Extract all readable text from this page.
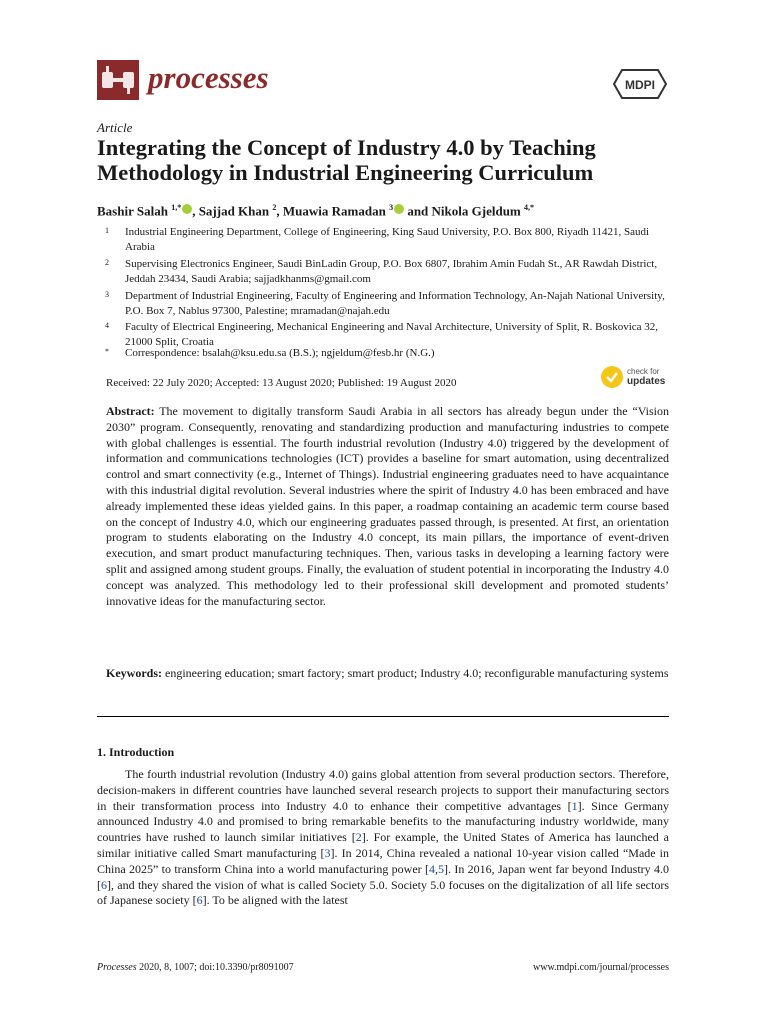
processes	MDPI
Article
Integrating the Concept of Industry 4.0 by Teaching Methodology in Industrial Engineering Curriculum
Bashir Salah $^{1,*}$ , Sajjad Khan $^2$, Muawia Ramadan $^3$ and Nikola Gjeldum $^{4,*}$
1 Industrial Engineering Department, College of Engineering, King Saud University, P.O. Box 800, Riyadh 11421, Saudi Arabia
2 Supervising Electronics Engineer, Saudi BinLadin Group, P.O. Box 6807, Ibrahim Amin Fudah St., AR Rawdah District, Jeddah 23434, Saudi Arabia; sajjadkhanms@gmail.com
3 Department of Industrial Engineering, Faculty of Engineering and Information Technology, An-Najah National University, P.O. Box 7, Nablus 97300, Palestine; mramadan@najah.edu
4 Faculty of Electrical Engineering, Mechanical Engineering and Naval Architecture, University of Split, R. Boskovica 32, 21000 Split, Croatia
* Correspondence: bsalah@ksu.edu.sa (B.S.); ngjeldum@fesb.hr (N.G.)
Received: 22 July 2020; Accepted: 13 August 2020; Published: 19 August 2020
check for
updates
Abstract: The movement to digitally transform Saudi Arabia in all sectors has already begun under the “Vision 2030” program. Consequently, renovating and standardizing production and manufacturing industries to compete with global challenges is essential. The fourth industrial revolution (Industry 4.0) triggered by the development of information and communications technologies (ICT) provides a baseline for smart automation, using decentralized control and smart connectivity (e.g., Internet of Things). Industrial engineering graduates need to have acquaintance with this industrial digital revolution. Several industries where the spirit of Industry 4.0 has been embraced and have already implemented these ideas yielded gains. In this paper, a roadmap containing an academic term course based on the concept of Industry 4.0, which our engineering graduates passed through, is presented. At first, an orientation program to students elaborating on the Industry 4.0 concept, its main pillars, the importance of event-driven execution, and smart product manufacturing techniques. Then, various tasks in developing a learning factory were split and assigned among student groups. Finally, the evaluation of student potential in incorporating the Industry 4.0 concept was analyzed. This methodology led to their professional skill development and promoted students’ innovative ideas for the manufacturing sector.
Keywords: engineering education; smart factory; smart product; Industry 4.0; reconfigurable manufacturing systems
1. Introduction
The fourth industrial revolution (Industry 4.0) gains global attention from several production sectors. Therefore, decision-makers in different countries have launched several research projects to support their manufacturing sectors in their transformation process into Industry 4.0 to enhance their competitive advantages [1]. Since Germany announced Industry 4.0 and promised to bring remarkable benefits to the manufacturing industry worldwide, many countries have rushed to launch similar initiatives [2]. For example, the United States of America has launched a similar initiative called Smart manufacturing [3]. In 2014, China revealed a national 10-year vision called “Made in China 2025” to transform China into a world manufacturing power [4,5]. In 2016, Japan went far beyond Industry 4.0 [6], and they shared the vision of what is called Society 5.0. Society 5.0 focuses on the digitalization of all life sectors of Japanese society [6]. To be aligned with the latest
Processes 2020, 8, 1007; doi:10.3390/pr8091007	www.mdpi.com/journal/processes
